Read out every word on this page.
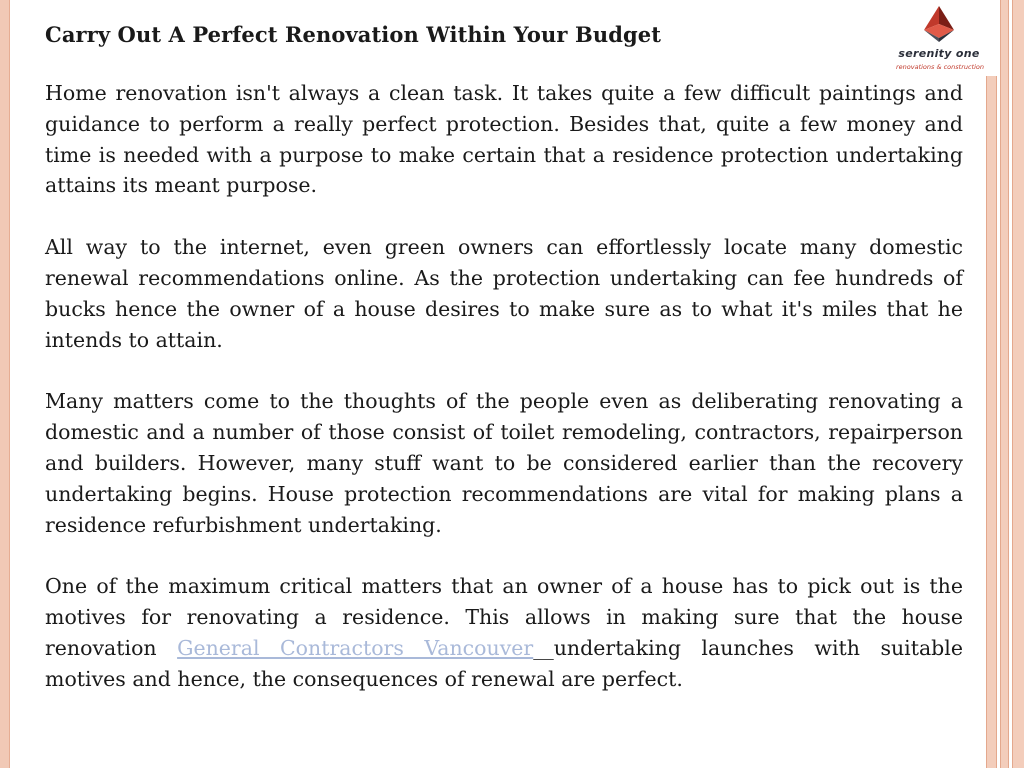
serenity one
renovations & construction
Carry Out A Perfect Renovation Within Your Budget

Home renovation isn't always a clean task. It takes quite a few difficult paintings and guidance to perform a really perfect protection. Besides that, quite a few money and time is needed with a purpose to make certain that a residence protection undertaking attains its meant purpose.

All way to the internet, even green owners can effortlessly locate many domestic renewal recommendations online. As the protection undertaking can fee hundreds of bucks hence the owner of a house desires to make sure as to what it's miles that he intends to attain.

Many matters come to the thoughts of the people even as deliberating renovating a domestic and a number of those consist of toilet remodeling, contractors, repairperson and builders. However, many stuff want to be considered earlier than the recovery undertaking begins. House protection recommendations are vital for making plans a residence refurbishment undertaking.

One of the maximum critical matters that an owner of a house has to pick out is the motives for renovating a residence. This allows in making sure that the house renovation General Contractors Vancouver__undertaking launches with suitable motives and hence, the consequences of renewal are perfect.
